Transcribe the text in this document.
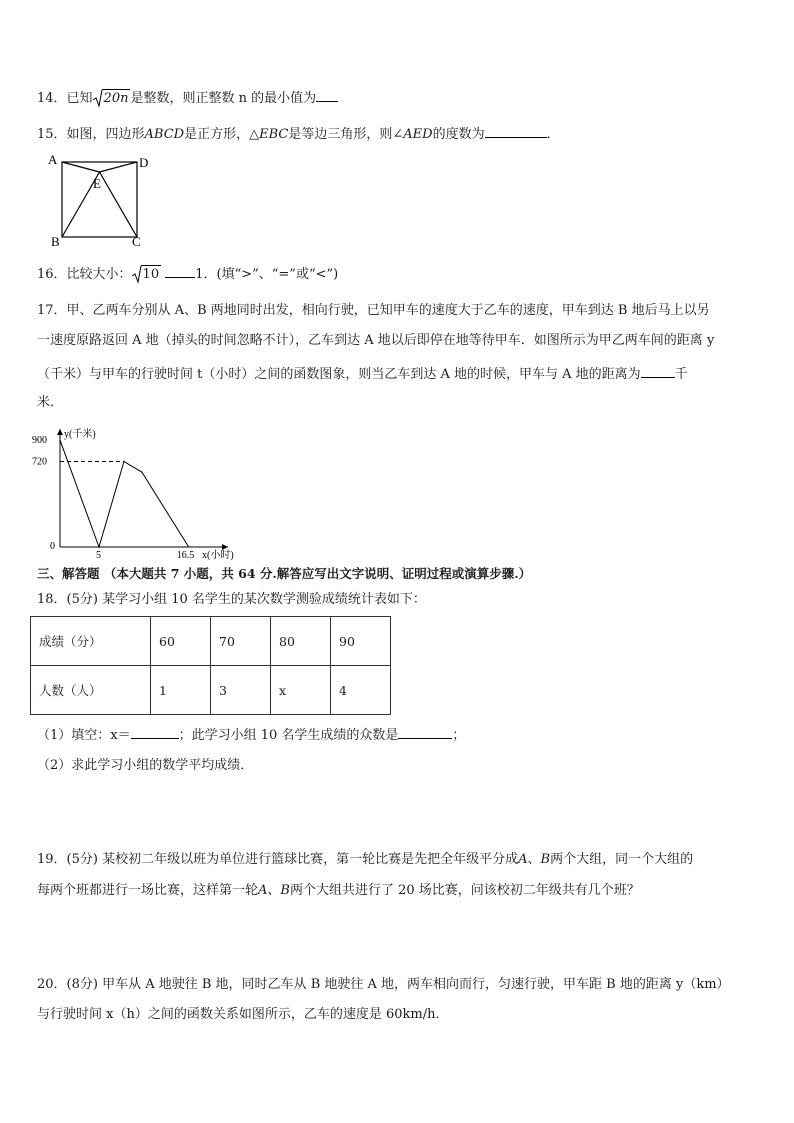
14．已知 20n 是整数，则正整数 n 的最小值为
15．如图，四边形ABCD是正方形，△EBC是等边三角形，则∠AED的度数为	．
A	D
E
B	C
16．比较大小： 10	1．(填“>”、“=”或“<”)
17．甲、乙两车分别从 A、B 两地同时出发，相向行驶，已知甲车的速度大于乙车的速度，甲车到达 B 地后马上以另
一速度原路返回 A 地（掉头的时间忽略不计），乙车到达 A 地以后即停在地等待甲车．如图所示为甲乙两车间的距离 y
（千米）与甲车的行驶时间 t（小时）之间的函数图象，则当乙车到达 A 地的时候，甲车与 A 地的距离为	千
米．
y(千米)
x(小时)
0
5	16.5
900
720
三、解答题 （本大题共 7 小题，共 64 分.解答应写出文字说明、证明过程或演算步骤.）
18．(5分) 某学习小组 10 名学生的某次数学测验成绩统计表如下：
成绩（分）	60	70	80	90
人数（人）	1	3	x	4
（1）填空：x＝	；此学习小组 10 名学生成绩的众数是	；
（2）求此学习小组的数学平均成绩．
19．(5分) 某校初二年级以班为单位进行篮球比赛，第一轮比赛是先把全年级平分成A、B两个大组，同一个大组的
每两个班都进行一场比赛，这样第一轮A、B两个大组共进行了 20 场比赛，问该校初二年级共有几个班？
20．(8分) 甲车从 A 地驶往 B 地，同时乙车从 B 地驶往 A 地，两车相向而行，匀速行驶，甲车距 B 地的距离 y（km）
与行驶时间 x（h）之间的函数关系如图所示，乙车的速度是 60km/h．
